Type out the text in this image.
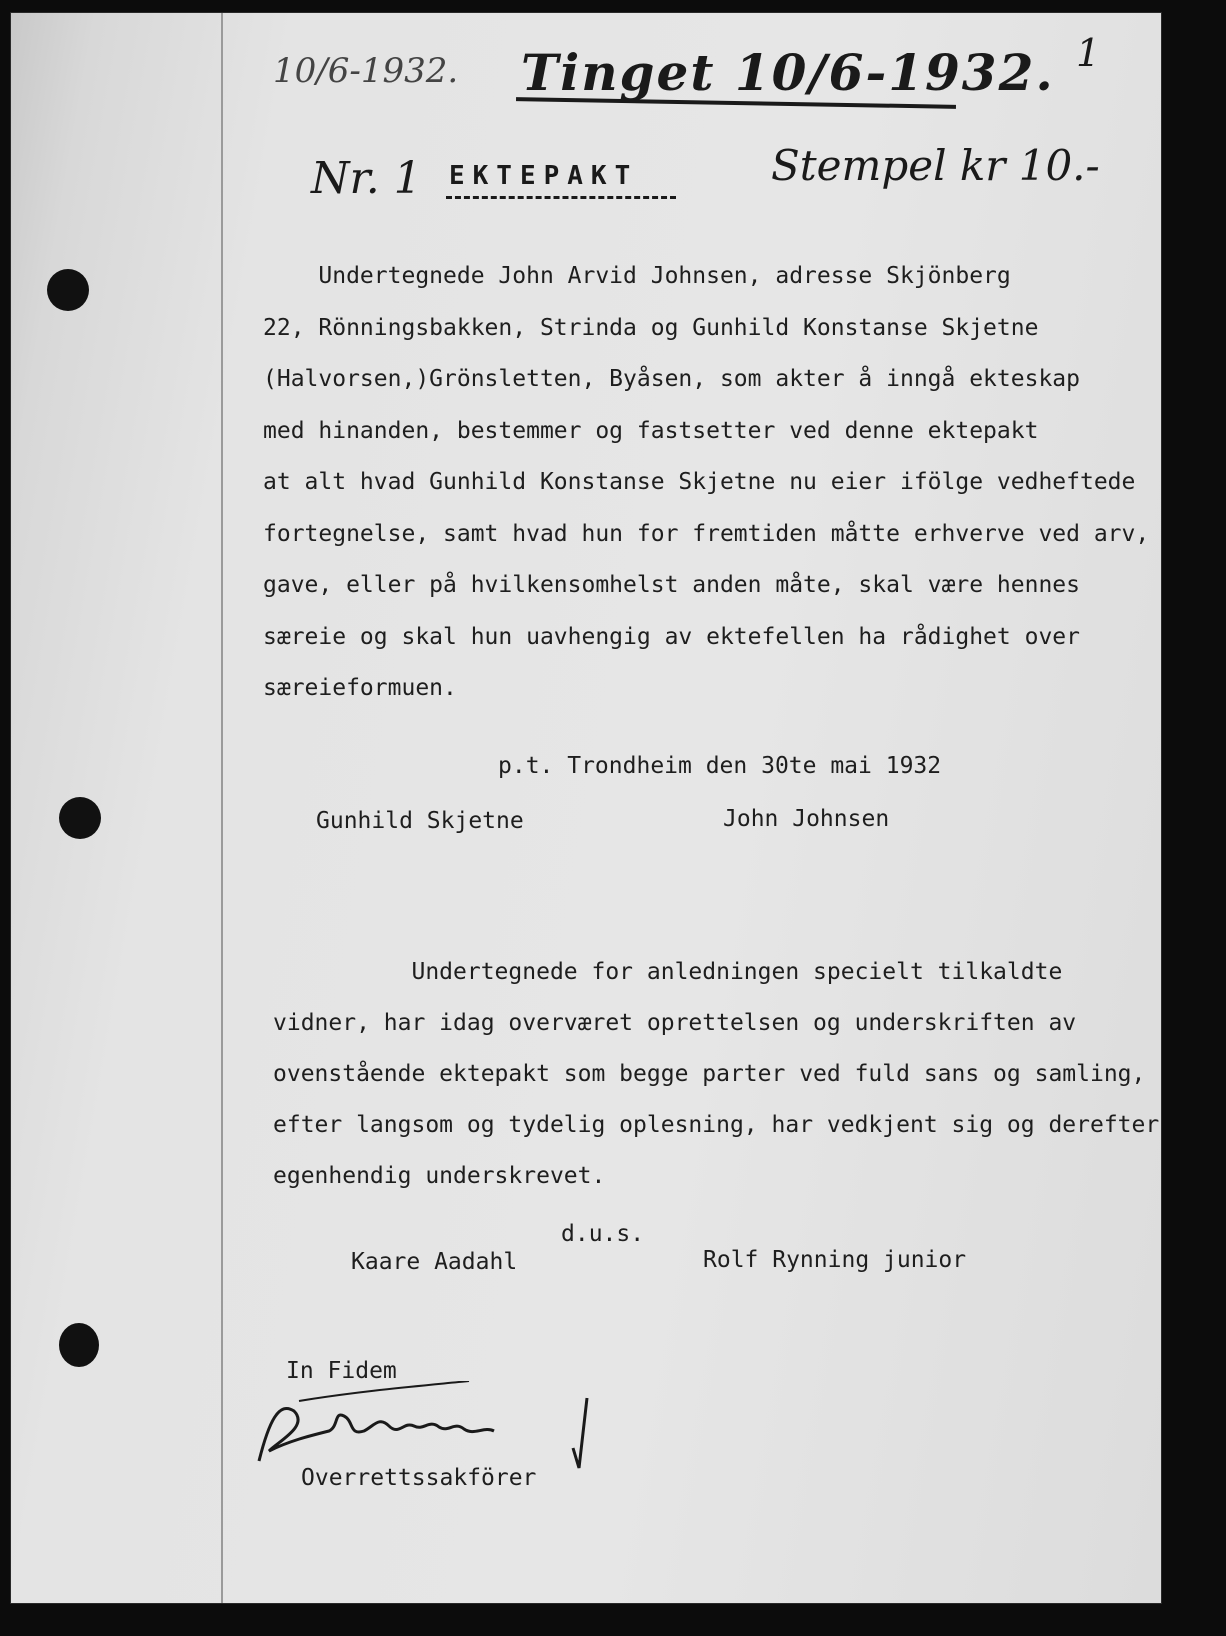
10/6-1932. Tinget 10/6-1932. 1
Nr. 1	Stempel kr 10.-
EKTEPAKT
Undertegnede John Arvid Johnsen, adresse Skjönberg
22, Rönningsbakken, Strinda og Gunhild Konstanse Skjetne
(Halvorsen,)Grönsletten, Byåsen, som akter å inngå ekteskap
med hinanden, bestemmer og fastsetter ved denne ektepakt
at alt hvad Gunhild Konstanse Skjetne nu eier ifölge vedheftede
fortegnelse, samt hvad hun for fremtiden måtte erhverve ved arv,
gave, eller på hvilkensomhelst anden måte, skal være hennes
særeie og skal hun uavhengig av ektefellen ha rådighet over
særeieformuen.
p.t. Trondheim den 30te mai 1932
Gunhild Skjetne	John Johnsen
Undertegnede for anledningen specielt tilkaldte
vidner, har idag overværet oprettelsen og underskriften av
ovenstående ektepakt som begge parter ved fuld sans og samling,
efter langsom og tydelig oplesning, har vedkjent sig og derefter
egenhendig underskrevet.
d.u.s.
Kaare Aadahl	Rolf Rynning junior
In Fidem
Overrettssakförer
